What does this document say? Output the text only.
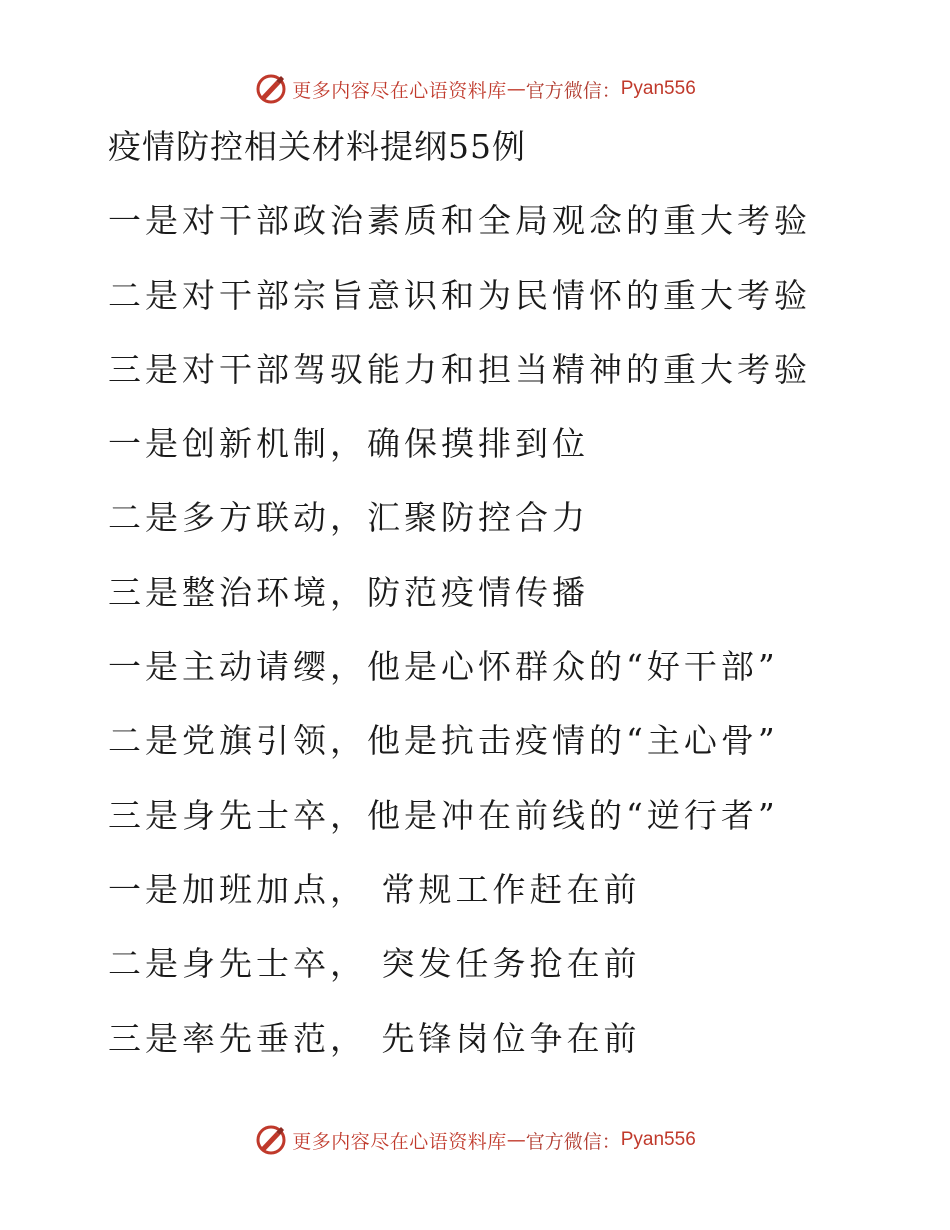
更多内容尽在心语资料库 — 官方微信： Pyan556
疫情防控相关材料提纲55例
一是对干部政治素质和全局观念的重大考验
二是对干部宗旨意识和为民情怀的重大考验
三是对干部驾驭能力和担当精神的重大考验
一是创新机制，确保摸排到位
二是多方联动，汇聚防控合力
三是整治环境，防范疫情传播
一是主动请缨，他是心怀群众的“好干部”
二是党旗引领，他是抗击疫情的“主心骨”
三是身先士卒，他是冲在前线的“逆行者”
一是加班加点， 常规工作赶在前
二是身先士卒， 突发任务抢在前
三是率先垂范， 先锋岗位争在前
更多内容尽在心语资料库 — 官方微信： Pyan556
